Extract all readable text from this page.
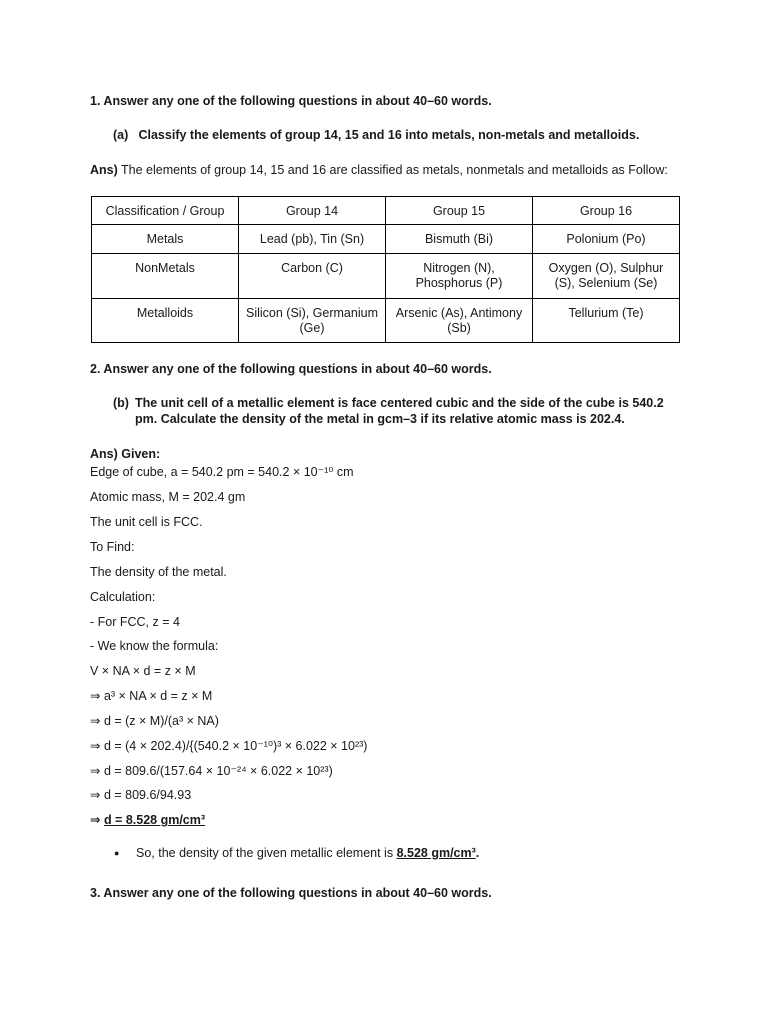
1. Answer any one of the following questions in about 40–60 words.
(a) Classify the elements of group 14, 15 and 16 into metals, non-metals and metalloids.
Ans) The elements of group 14, 15 and 16 are classified as metals, nonmetals and metalloids as Follow:
Classification / Group	Group 14	Group 15	Group 16
Metals	Lead (pb), Tin (Sn)	Bismuth (Bi)	Polonium (Po)
NonMetals	Carbon (C)	Nitrogen (N), Phosphorus (P)	Oxygen (O), Sulphur (S), Selenium (Se)
Metalloids	Silicon (Si), Germanium (Ge)	Arsenic (As), Antimony (Sb)	Tellurium (Te)
2. Answer any one of the following questions in about 40–60 words.
(b) The unit cell of a metallic element is face centered cubic and the side of the cube is 540.2 pm. Calculate the density of the metal in gcm–3 if its relative atomic mass is 202.4.
Ans) Given:
Edge of cube, a = 540.2 pm = 540.2 × 10⁻¹⁰ cm
Atomic mass, M = 202.4 gm
The unit cell is FCC.
To Find:
The density of the metal.
Calculation:
- For FCC, z = 4
- We know the formula:
V × NA × d = z × M
⇒ a³ × NA × d = z × M
⇒ d = (z × M)/(a³ × NA)
⇒ d = (4 × 202.4)/{(540.2 × 10⁻¹⁰)³ × 6.022 × 10²³)
⇒ d = 809.6/(157.64 × 10⁻²⁴ × 6.022 × 10²³)
⇒ d = 809.6/94.93
⇒ d = 8.528 gm/cm³
● So, the density of the given metallic element is 8.528 gm/cm³.
3. Answer any one of the following questions in about 40–60 words.
